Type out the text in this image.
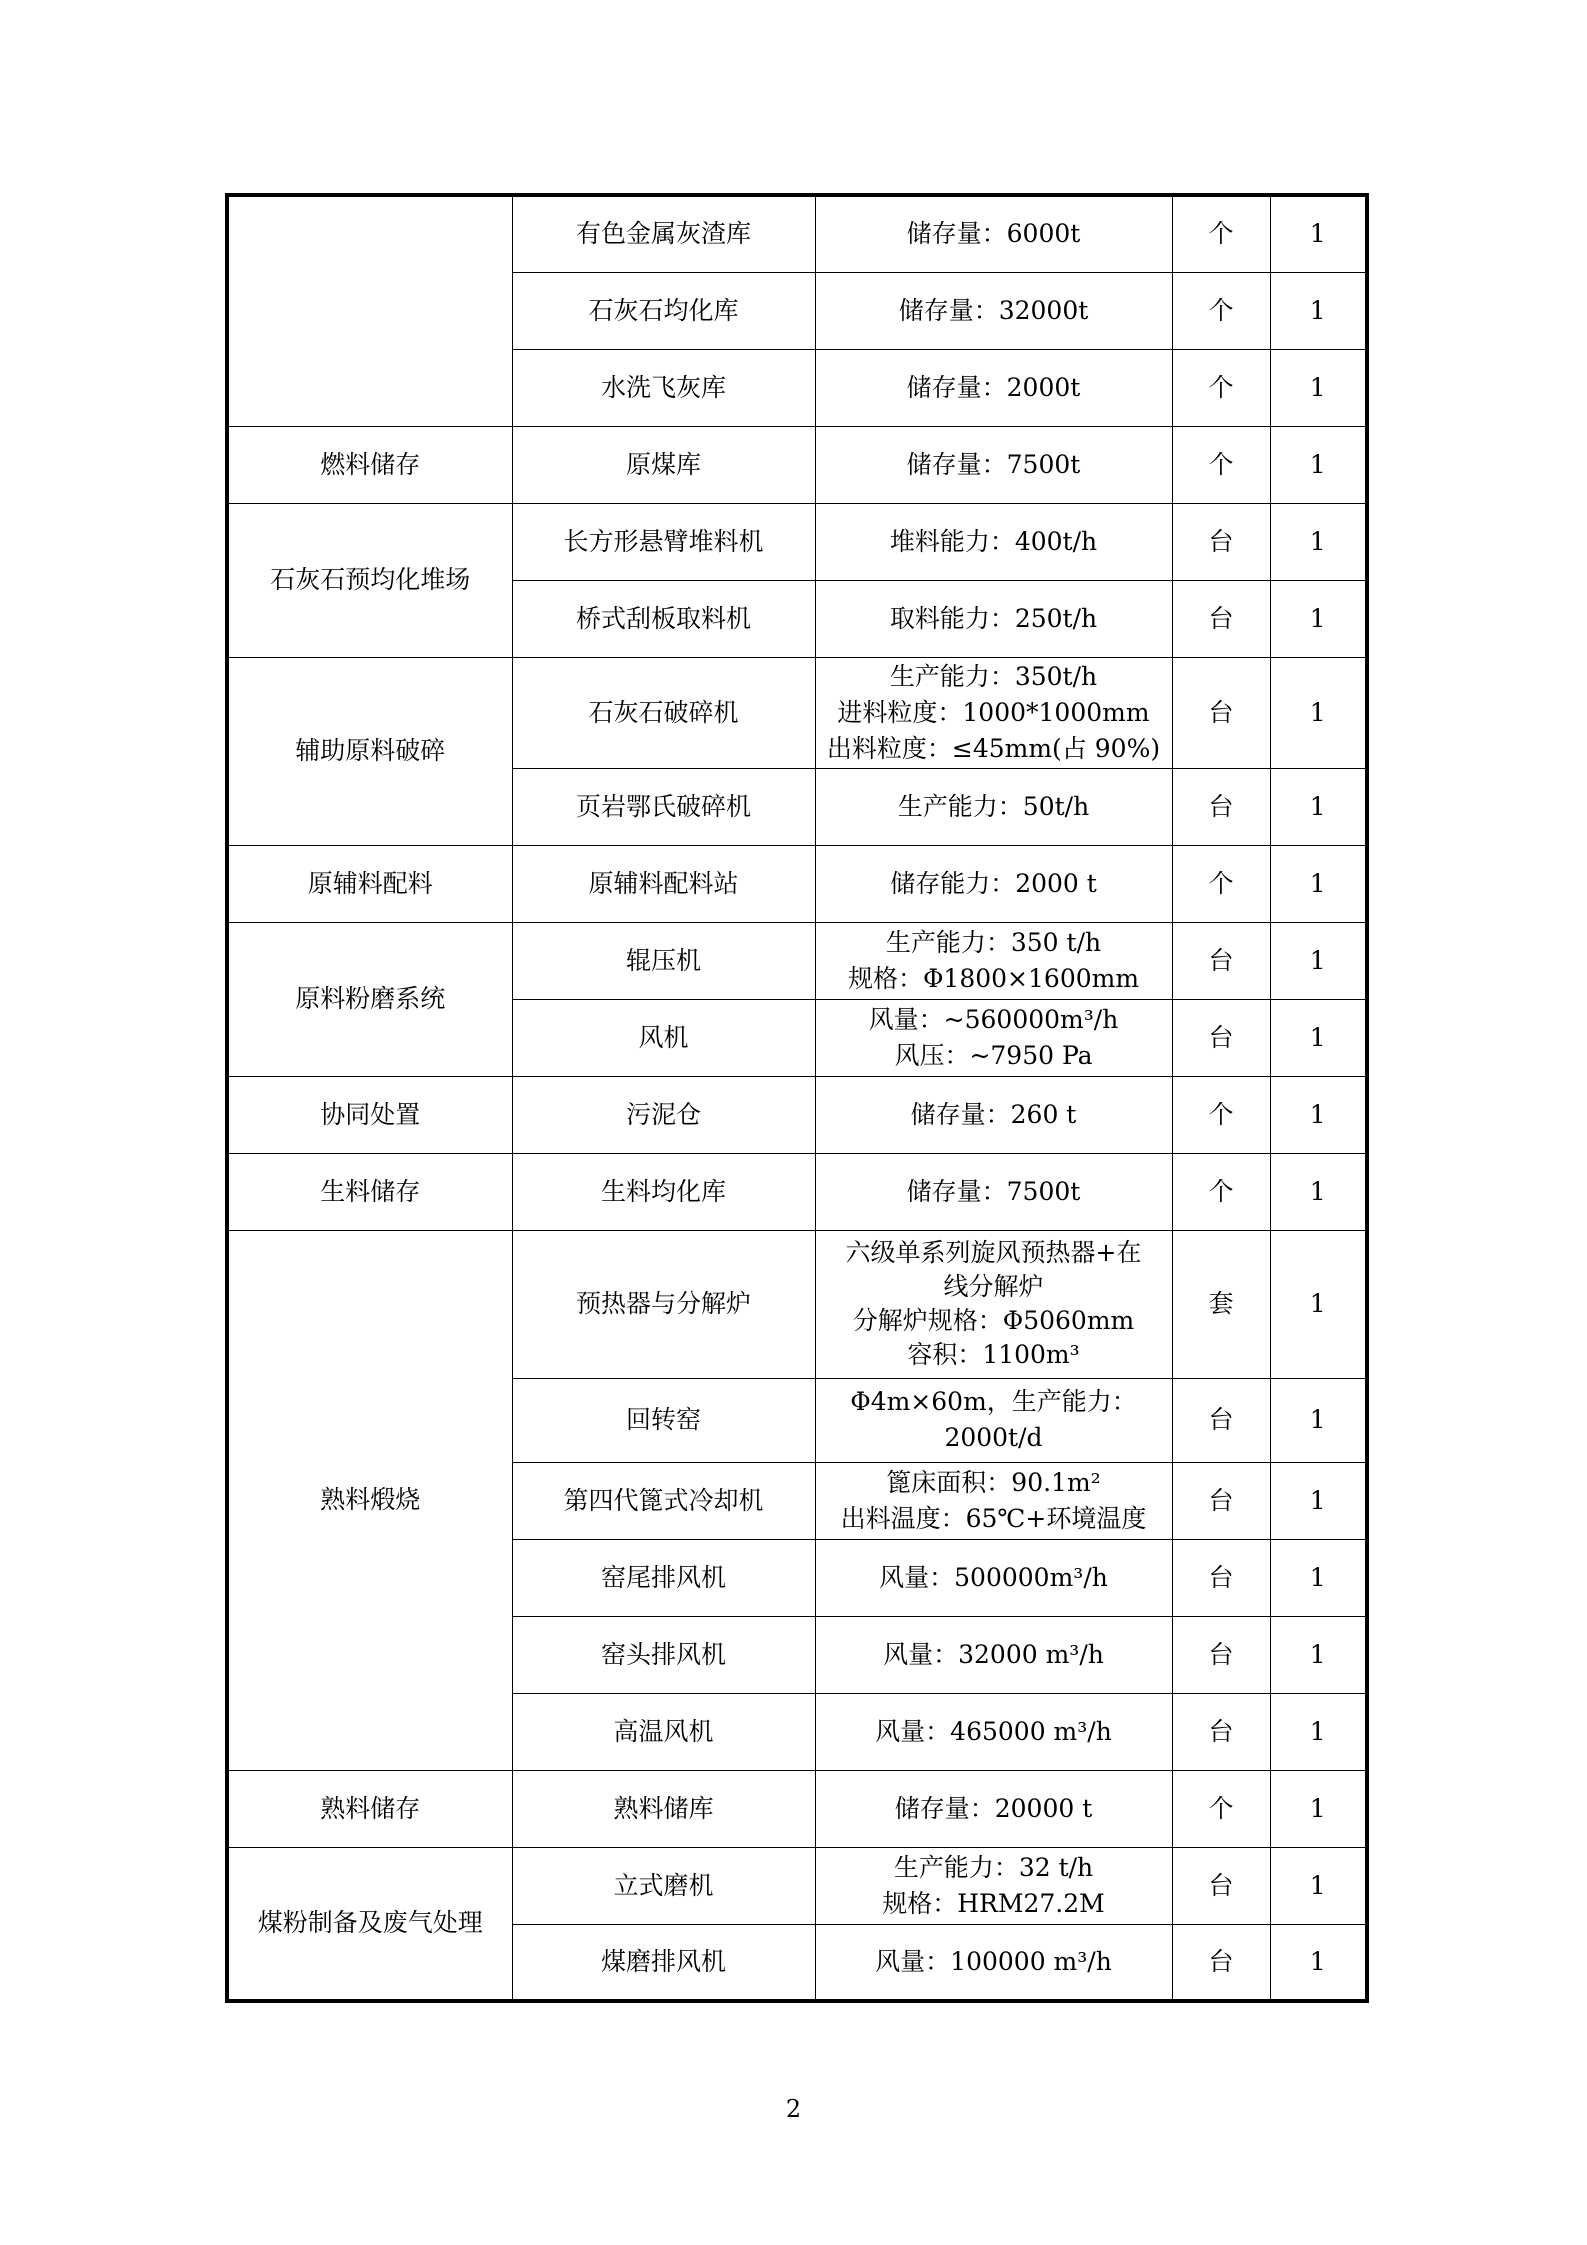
	有色金属灰渣库	储存量：6000t	个	1
	石灰石均化库	储存量：32000t	个	1
	水洗飞灰库	储存量：2000t	个	1
燃料储存	原煤库	储存量：7500t	个	1
石灰石预均化堆场	长方形悬臂堆料机	堆料能力：400t/h	台	1
	桥式刮板取料机	取料能力：250t/h	台	1
辅助原料破碎	石灰石破碎机	生产能力：350t/h
进料粒度：1000*1000mm
出料粒度：≤45mm(占 90%)	台	1
	页岩鄂氏破碎机	生产能力：50t/h	台	1
原辅料配料	原辅料配料站	储存能力：2000 t	个	1
原料粉磨系统	辊压机	生产能力：350 t/h
规格：Φ1800×1600mm	台	1
	风机	风量：~560000m³/h
风压：~7950 Pa	台	1
协同处置	污泥仓	储存量：260 t	个	1
生料储存	生料均化库	储存量：7500t	个	1
熟料煅烧	预热器与分解炉	六级单系列旋风预热器+在
线分解炉
分解炉规格：Φ5060mm
容积：1100m³	套	1
	回转窑	Φ4m×60m，生产能力：
2000t/d	台	1
	第四代篦式冷却机	篦床面积：90.1m²
出料温度：65℃+环境温度	台	1
	窑尾排风机	风量：500000m³/h	台	1
	窑头排风机	风量：32000 m³/h	台	1
	高温风机	风量：465000 m³/h	台	1
熟料储存	熟料储库	储存量：20000 t	个	1
煤粉制备及废气处理	立式磨机	生产能力：32 t/h
规格：HRM27.2M	台	1
	煤磨排风机	风量：100000 m³/h	台	1
2
